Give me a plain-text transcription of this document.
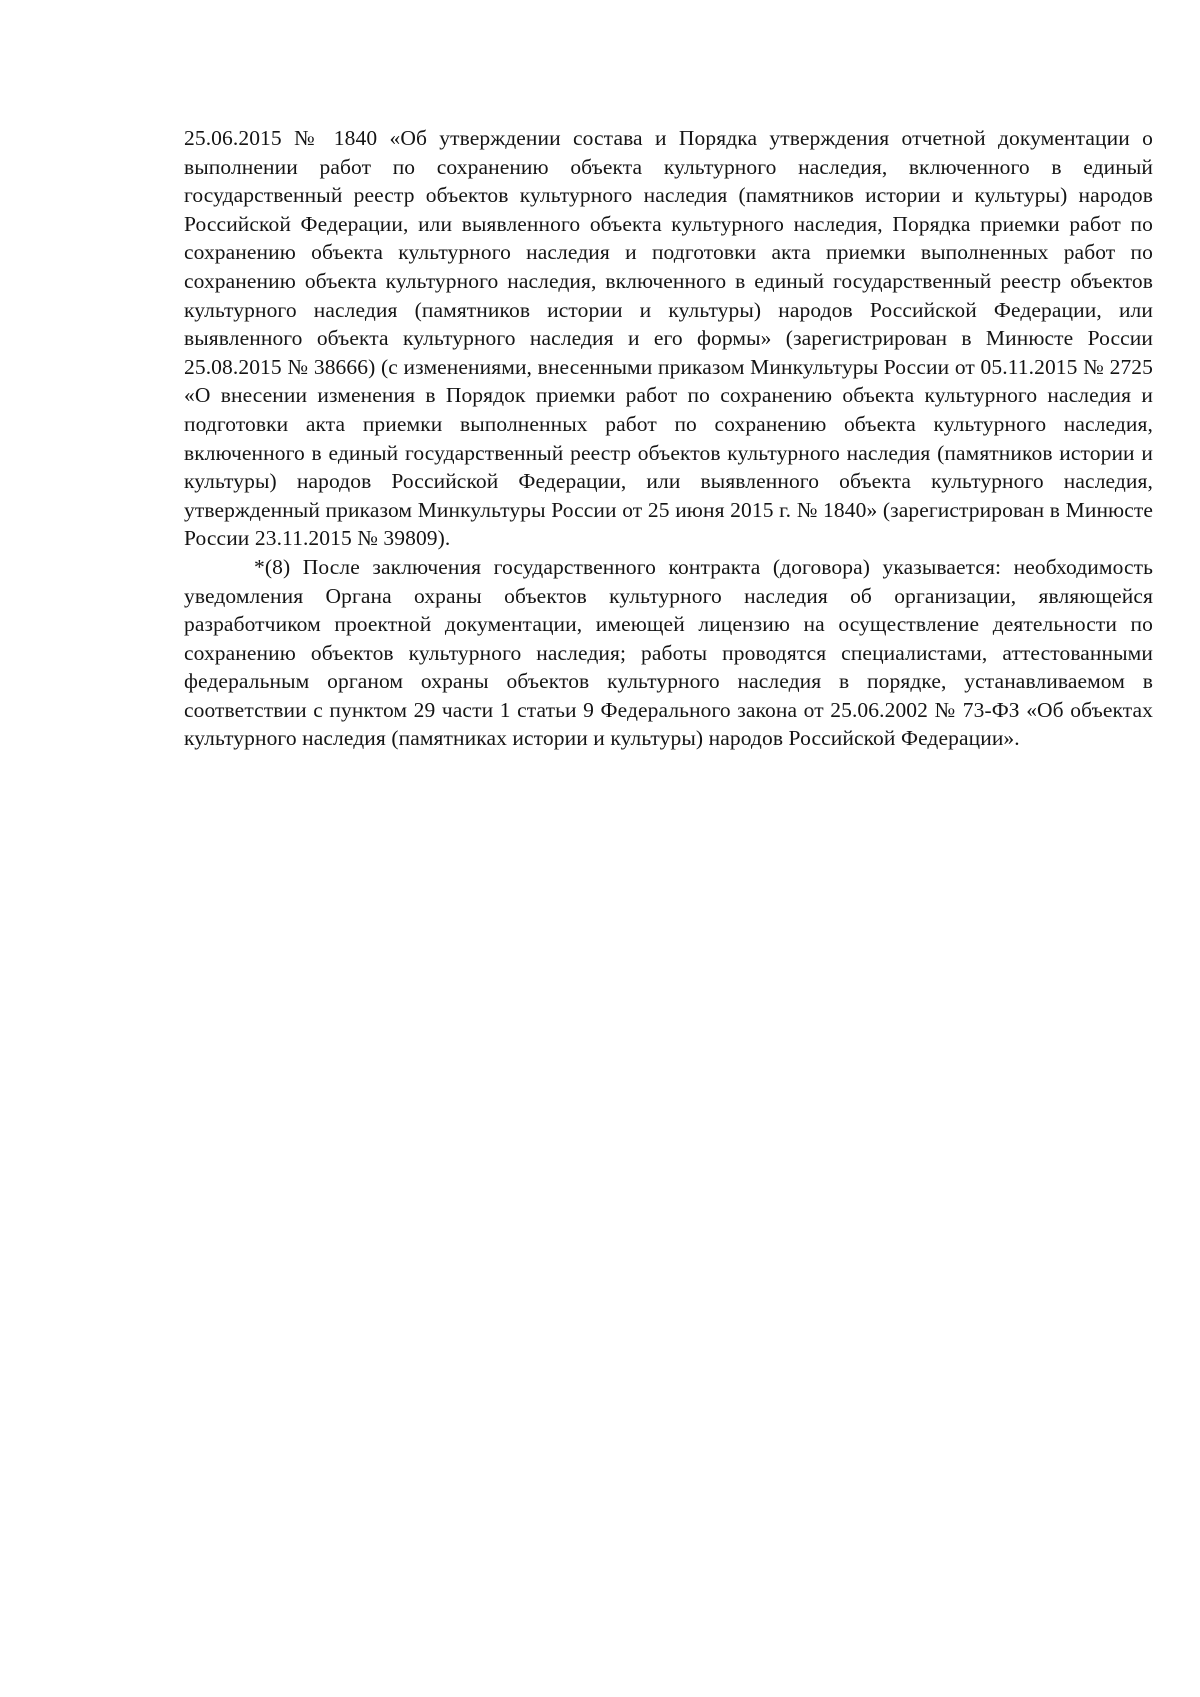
25.06.2015 № 1840 «Об утверждении состава и Порядка утверждения отчетной документации о выполнении работ по сохранению объекта культурного наследия, включенного в единый государственный реестр объектов культурного наследия (памятников истории и культуры) народов Российской Федерации, или выявленного объекта культурного наследия, Порядка приемки работ по сохранению объекта культурного наследия и подготовки акта приемки выполненных работ по сохранению объекта культурного наследия, включенного в единый государственный реестр объектов культурного наследия (памятников истории и культуры) народов Российской Федерации, или выявленного объекта культурного наследия и его формы» (зарегистрирован в Минюсте России 25.08.2015 № 38666) (с изменениями, внесенными приказом Минкультуры России от 05.11.2015 № 2725 «О внесении изменения в Порядок приемки работ по сохранению объекта культурного наследия и подготовки акта приемки выполненных работ по сохранению объекта культурного наследия, включенного в единый государственный реестр объектов культурного наследия (памятников истории и культуры) народов Российской Федерации, или выявленного объекта культурного наследия, утвержденный приказом Минкультуры России от 25 июня 2015 г. № 1840» (зарегистрирован в Минюсте России 23.11.2015 № 39809).

*(8) После заключения государственного контракта (договора) указывается: необходимость уведомления Органа охраны объектов культурного наследия об организации, являющейся разработчиком проектной документации, имеющей лицензию на осуществление деятельности по сохранению объектов культурного наследия; работы проводятся специалистами, аттестованными федеральным органом охраны объектов культурного наследия в порядке, устанавливаемом в соответствии с пунктом 29 части 1 статьи 9 Федерального закона от 25.06.2002 № 73-ФЗ «Об объектах культурного наследия (памятниках истории и культуры) народов Российской Федерации».
